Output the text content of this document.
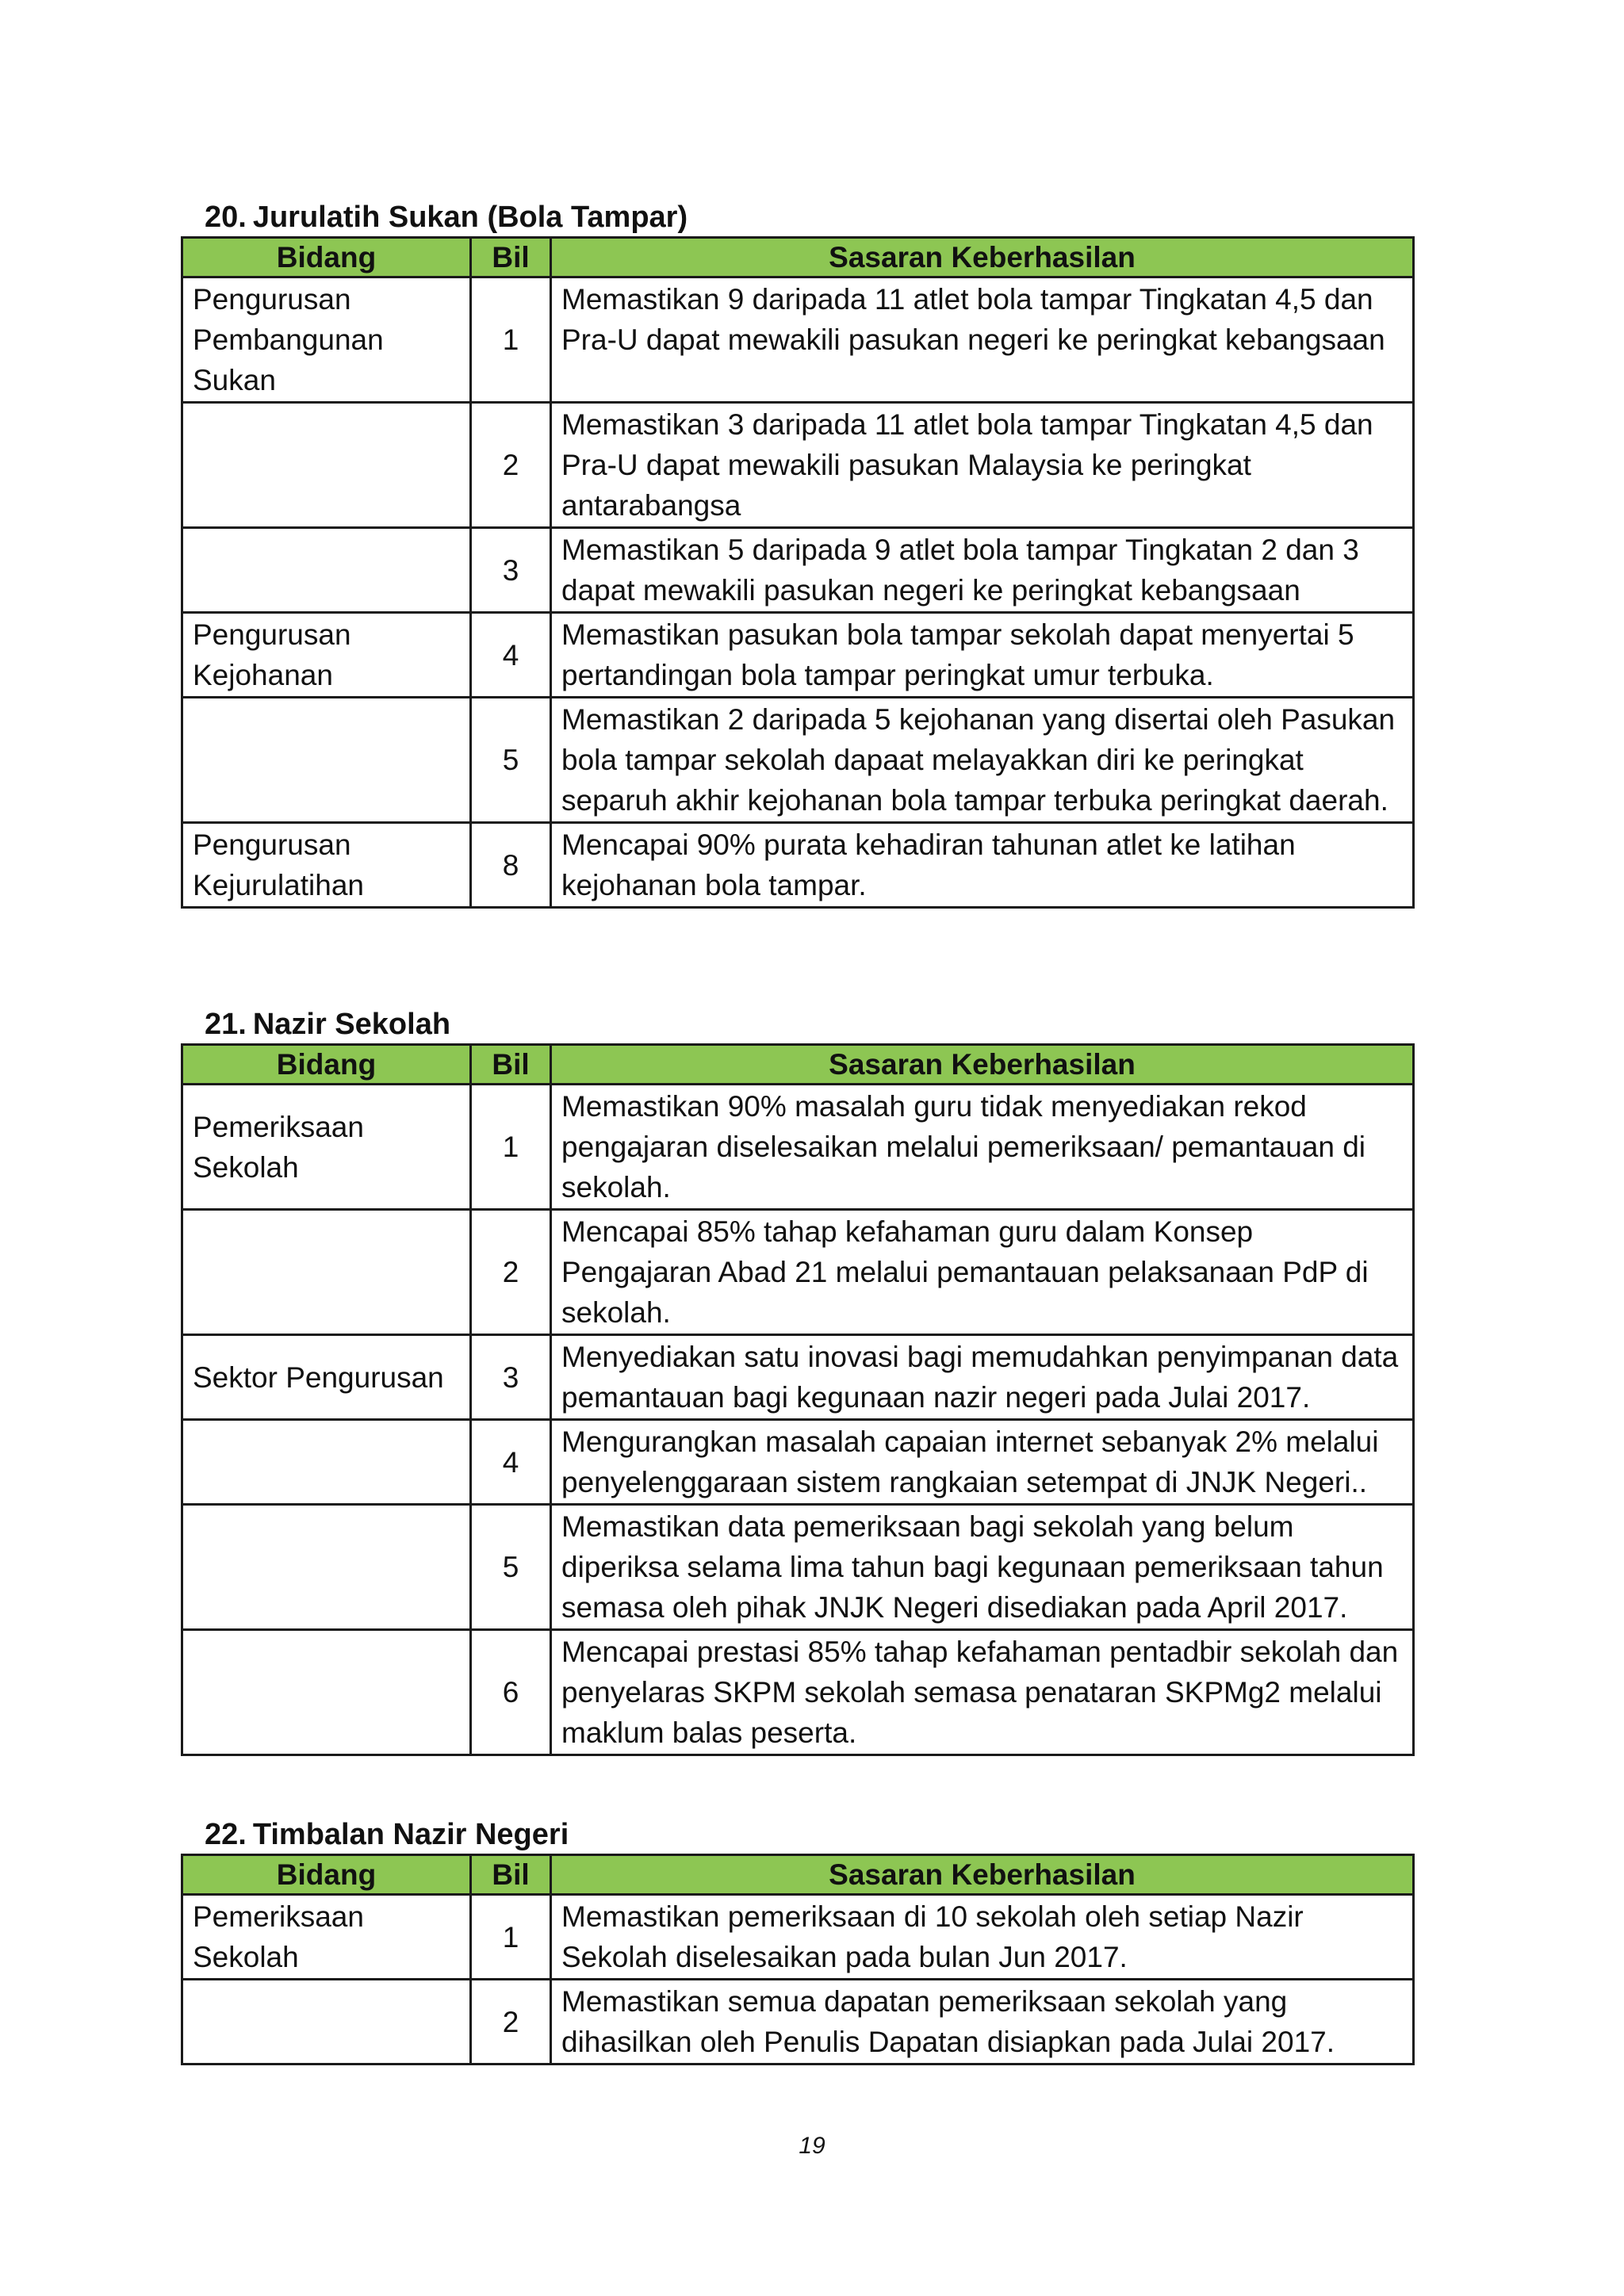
20. Jurulatih Sukan (Bola Tampar)
Bidang	Bil	Sasaran Keberhasilan
Pengurusan Pembangunan Sukan	1	Memastikan 9 daripada 11 atlet bola tampar Tingkatan 4,5 dan Pra-U dapat mewakili pasukan negeri ke peringkat kebangsaan
	2	Memastikan 3 daripada 11 atlet bola tampar Tingkatan 4,5 dan Pra-U dapat mewakili pasukan Malaysia ke peringkat antarabangsa
	3	Memastikan 5 daripada 9 atlet bola tampar Tingkatan 2 dan 3 dapat mewakili pasukan negeri ke peringkat kebangsaan
Pengurusan Kejohanan	4	Memastikan pasukan bola tampar sekolah dapat menyertai 5 pertandingan bola tampar peringkat umur terbuka.
	5	Memastikan 2 daripada 5 kejohanan yang disertai oleh Pasukan bola tampar sekolah dapaat melayakkan diri ke peringkat separuh akhir kejohanan bola tampar terbuka peringkat daerah.
Pengurusan Kejurulatihan	8	Mencapai 90% purata kehadiran tahunan atlet ke latihan kejohanan bola tampar.
21. Nazir Sekolah
Bidang	Bil	Sasaran Keberhasilan
Pemeriksaan Sekolah	1	Memastikan 90% masalah guru tidak menyediakan rekod pengajaran diselesaikan melalui pemeriksaan/ pemantauan di sekolah.
	2	Mencapai 85% tahap kefahaman guru dalam Konsep Pengajaran Abad 21 melalui pemantauan pelaksanaan PdP di sekolah.
Sektor Pengurusan	3	Menyediakan satu inovasi bagi memudahkan penyimpanan data pemantauan bagi kegunaan nazir negeri pada Julai 2017.
	4	Mengurangkan masalah capaian internet sebanyak 2% melalui penyelenggaraan sistem rangkaian setempat di JNJK Negeri..
	5	Memastikan data pemeriksaan bagi sekolah yang belum diperiksa selama lima tahun bagi kegunaan pemeriksaan tahun semasa oleh pihak JNJK Negeri disediakan pada April 2017.
	6	Mencapai prestasi 85% tahap kefahaman pentadbir sekolah dan penyelaras SKPM sekolah semasa penataran SKPMg2 melalui maklum balas peserta.
22. Timbalan Nazir Negeri
Bidang	Bil	Sasaran Keberhasilan
Pemeriksaan Sekolah	1	Memastikan pemeriksaan di 10 sekolah oleh setiap Nazir Sekolah diselesaikan pada bulan Jun 2017.
	2	Memastikan semua dapatan pemeriksaan sekolah yang dihasilkan oleh Penulis Dapatan disiapkan pada Julai 2017.
19
